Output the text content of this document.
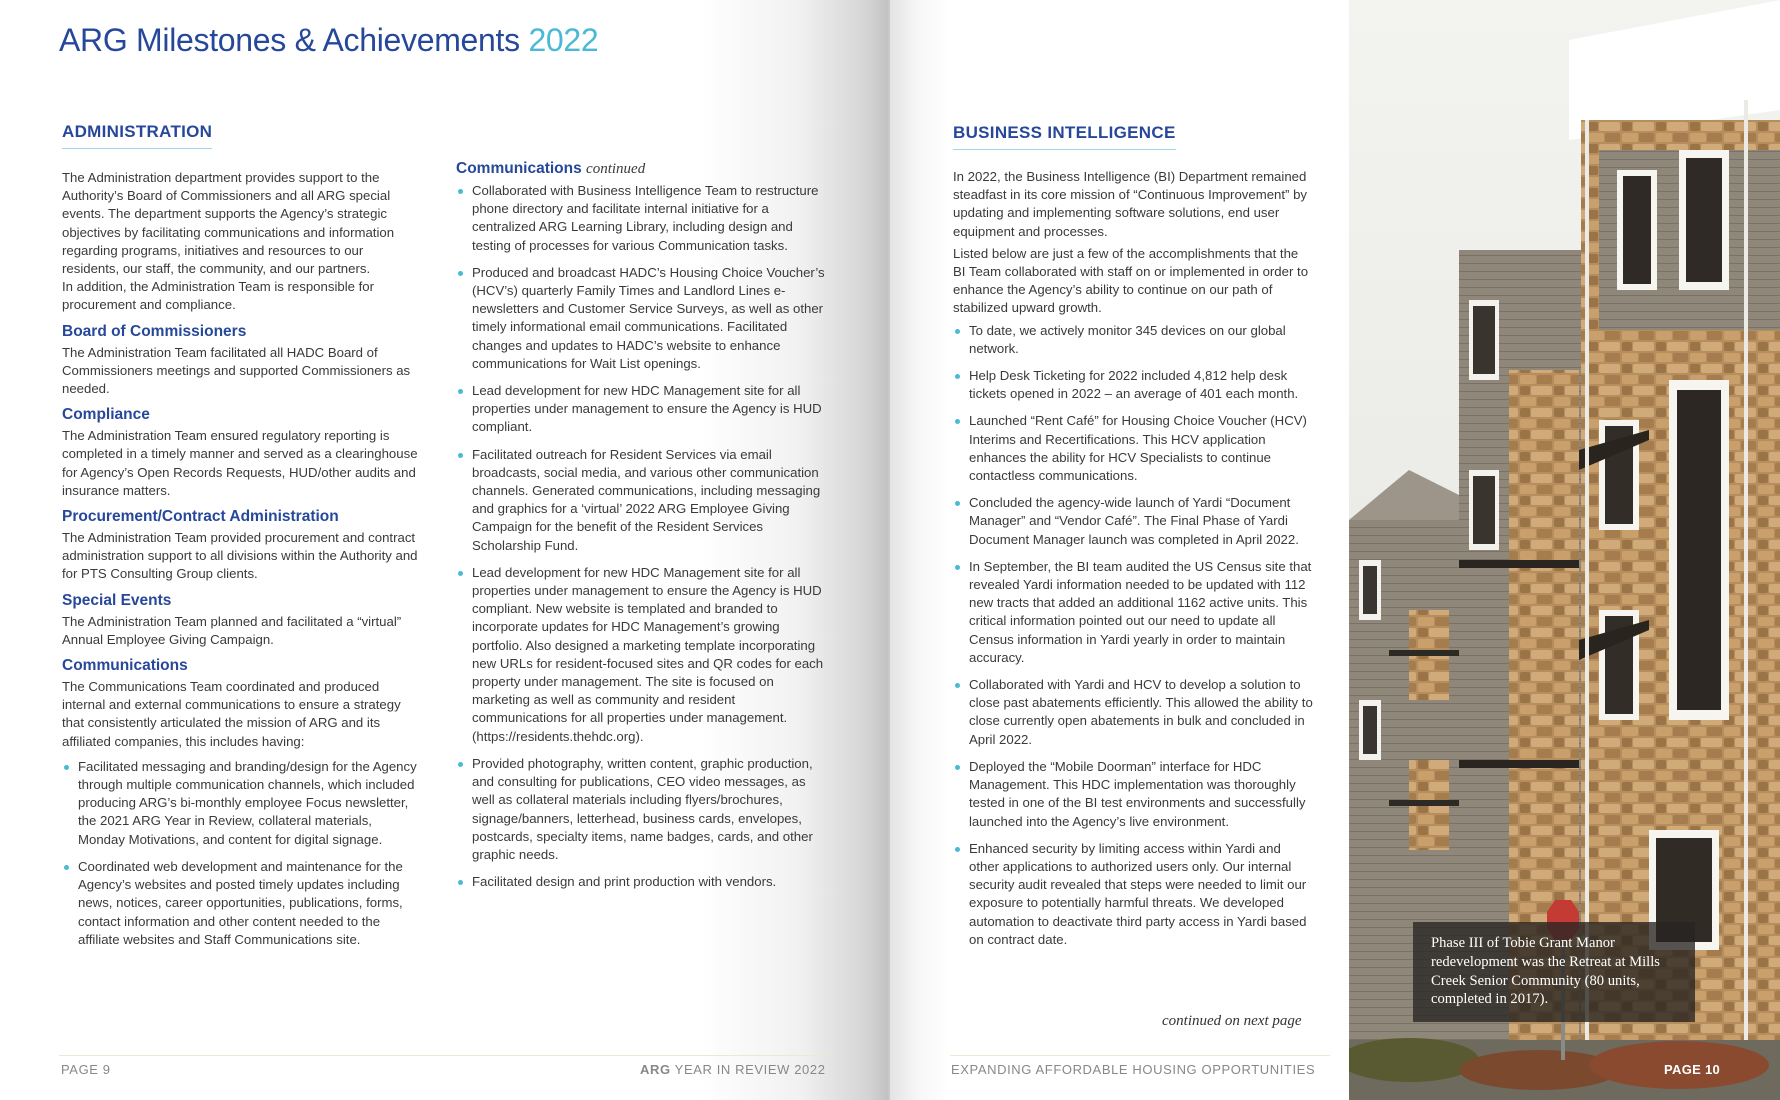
ARG Milestones & Achievements 2022
ADMINISTRATION

The Administration department provides support to the Authority’s Board of Commissioners and all ARG special events. The department supports the Agency’s strategic objectives by facilitating communications and information regarding programs, initiatives and resources to our residents, our staff, the community, and our partners.
In addition, the Administration Team is responsible for procurement and compliance.

Board of Commissioners

The Administration Team facilitated all HADC Board of Commissioners meetings and supported Commissioners as needed.

Compliance

The Administration Team ensured regulatory reporting is completed in a timely manner and served as a clearinghouse for Agency’s Open Records Requests, HUD/other audits and insurance matters.

Procurement/Contract Administration

The Administration Team provided procurement and contract administration support to all divisions within the Authority and for PTS Consulting Group clients.

Special Events

The Administration Team planned and facilitated a “virtual” Annual Employee Giving Campaign.

Communications

The Communications Team coordinated and produced internal and external communications to ensure a strategy that consistently articulated the mission of ARG and its affiliated companies, this includes having:

Facilitated messaging and branding/design for the Agency through multiple communication channels, which included producing ARG’s bi-monthly employee Focus newsletter, the 2021 ARG Year in Review, collateral materials, Monday Motivations, and content for digital signage.
Coordinated web development and maintenance for the Agency’s websites and posted timely updates including news, notices, career opportunities, publications, forms, contact information and other content needed to the affiliate websites and Staff Communications site.
Communications continued
Collaborated with Business Intelligence Team to restructure phone directory and facilitate internal initiative for a centralized ARG Learning Library, including design and testing of processes for various Communication tasks.
Produced and broadcast HADC’s Housing Choice Voucher’s (HCV’s) quarterly Family Times and Landlord Lines e-newsletters and Customer Service Surveys, as well as other timely informational email communications. Facilitated changes and updates to HADC’s website to enhance communications for Wait List openings.
Lead development for new HDC Management site for all properties under management to ensure the Agency is HUD compliant.
Facilitated outreach for Resident Services via email broadcasts, social media, and various other communication channels. Generated communications, including messaging and graphics for a ‘virtual’ 2022 ARG Employee Giving Campaign for the benefit of the Resident Services Scholarship Fund.
Lead development for new HDC Management site for all properties under management to ensure the Agency is HUD compliant. New website is templated and branded to incorporate updates for HDC Management’s growing portfolio. Also designed a marketing template incorporating new URLs for resident-focused sites and QR codes for each property under management. The site is focused on marketing as well as community and resident communications for all properties under management. (https://residents.thehdc.org).
Provided photography, written content, graphic production, and consulting for publications, CEO video messages, as well as collateral materials including flyers/brochures, signage/banners, letterhead, business cards, envelopes, postcards, specialty items, name badges, cards, and other graphic needs.
Facilitated design and print production with vendors.
BUSINESS INTELLIGENCE

In 2022, the Business Intelligence (BI) Department remained steadfast in its core mission of “Continuous Improvement” by updating and implementing software solutions, end user equipment and processes.

Listed below are just a few of the accomplishments that the BI Team collaborated with staff on or implemented in order to enhance the Agency’s ability to continue on our path of stabilized upward growth.

To date, we actively monitor 345 devices on our global network.
Help Desk Ticketing for 2022 included 4,812 help desk tickets opened in 2022 – an average of 401 each month.
Launched “Rent Café” for Housing Choice Voucher (HCV) Interims and Recertifications. This HCV application enhances the ability for HCV Specialists to continue contactless communications.
Concluded the agency-wide launch of Yardi “Document Manager” and “Vendor Café”. The Final Phase of Yardi Document Manager launch was completed in April 2022.
In September, the BI team audited the US Census site that revealed Yardi information needed to be updated with 112 new tracts that added an additional 1162 active units. This critical information pointed out our need to update all Census information in Yardi yearly in order to maintain accuracy.
Collaborated with Yardi and HCV to develop a solution to close past abatements efficiently. This allowed the ability to close currently open abatements in bulk and concluded in April 2022.
Deployed the “Mobile Doorman” interface for HDC Management. This HDC implementation was thoroughly tested in one of the BI test environments and successfully launched into the Agency’s live environment.
Enhanced security by limiting access within Yardi and other applications to authorized users only. Our internal security audit revealed that steps were needed to limit our exposure to potentially harmful threats. We developed automation to deactivate third party access in Yardi based on contract date.
continued on next page
Phase III of Tobie Grant Manor redevelopment was the Retreat at Mills Creek Senior Community (80 units, completed in 2017).
PAGE 9	ARG YEAR IN REVIEW 2022	EXPANDING AFFORDABLE HOUSING OPPORTUNITIES	PAGE 10
